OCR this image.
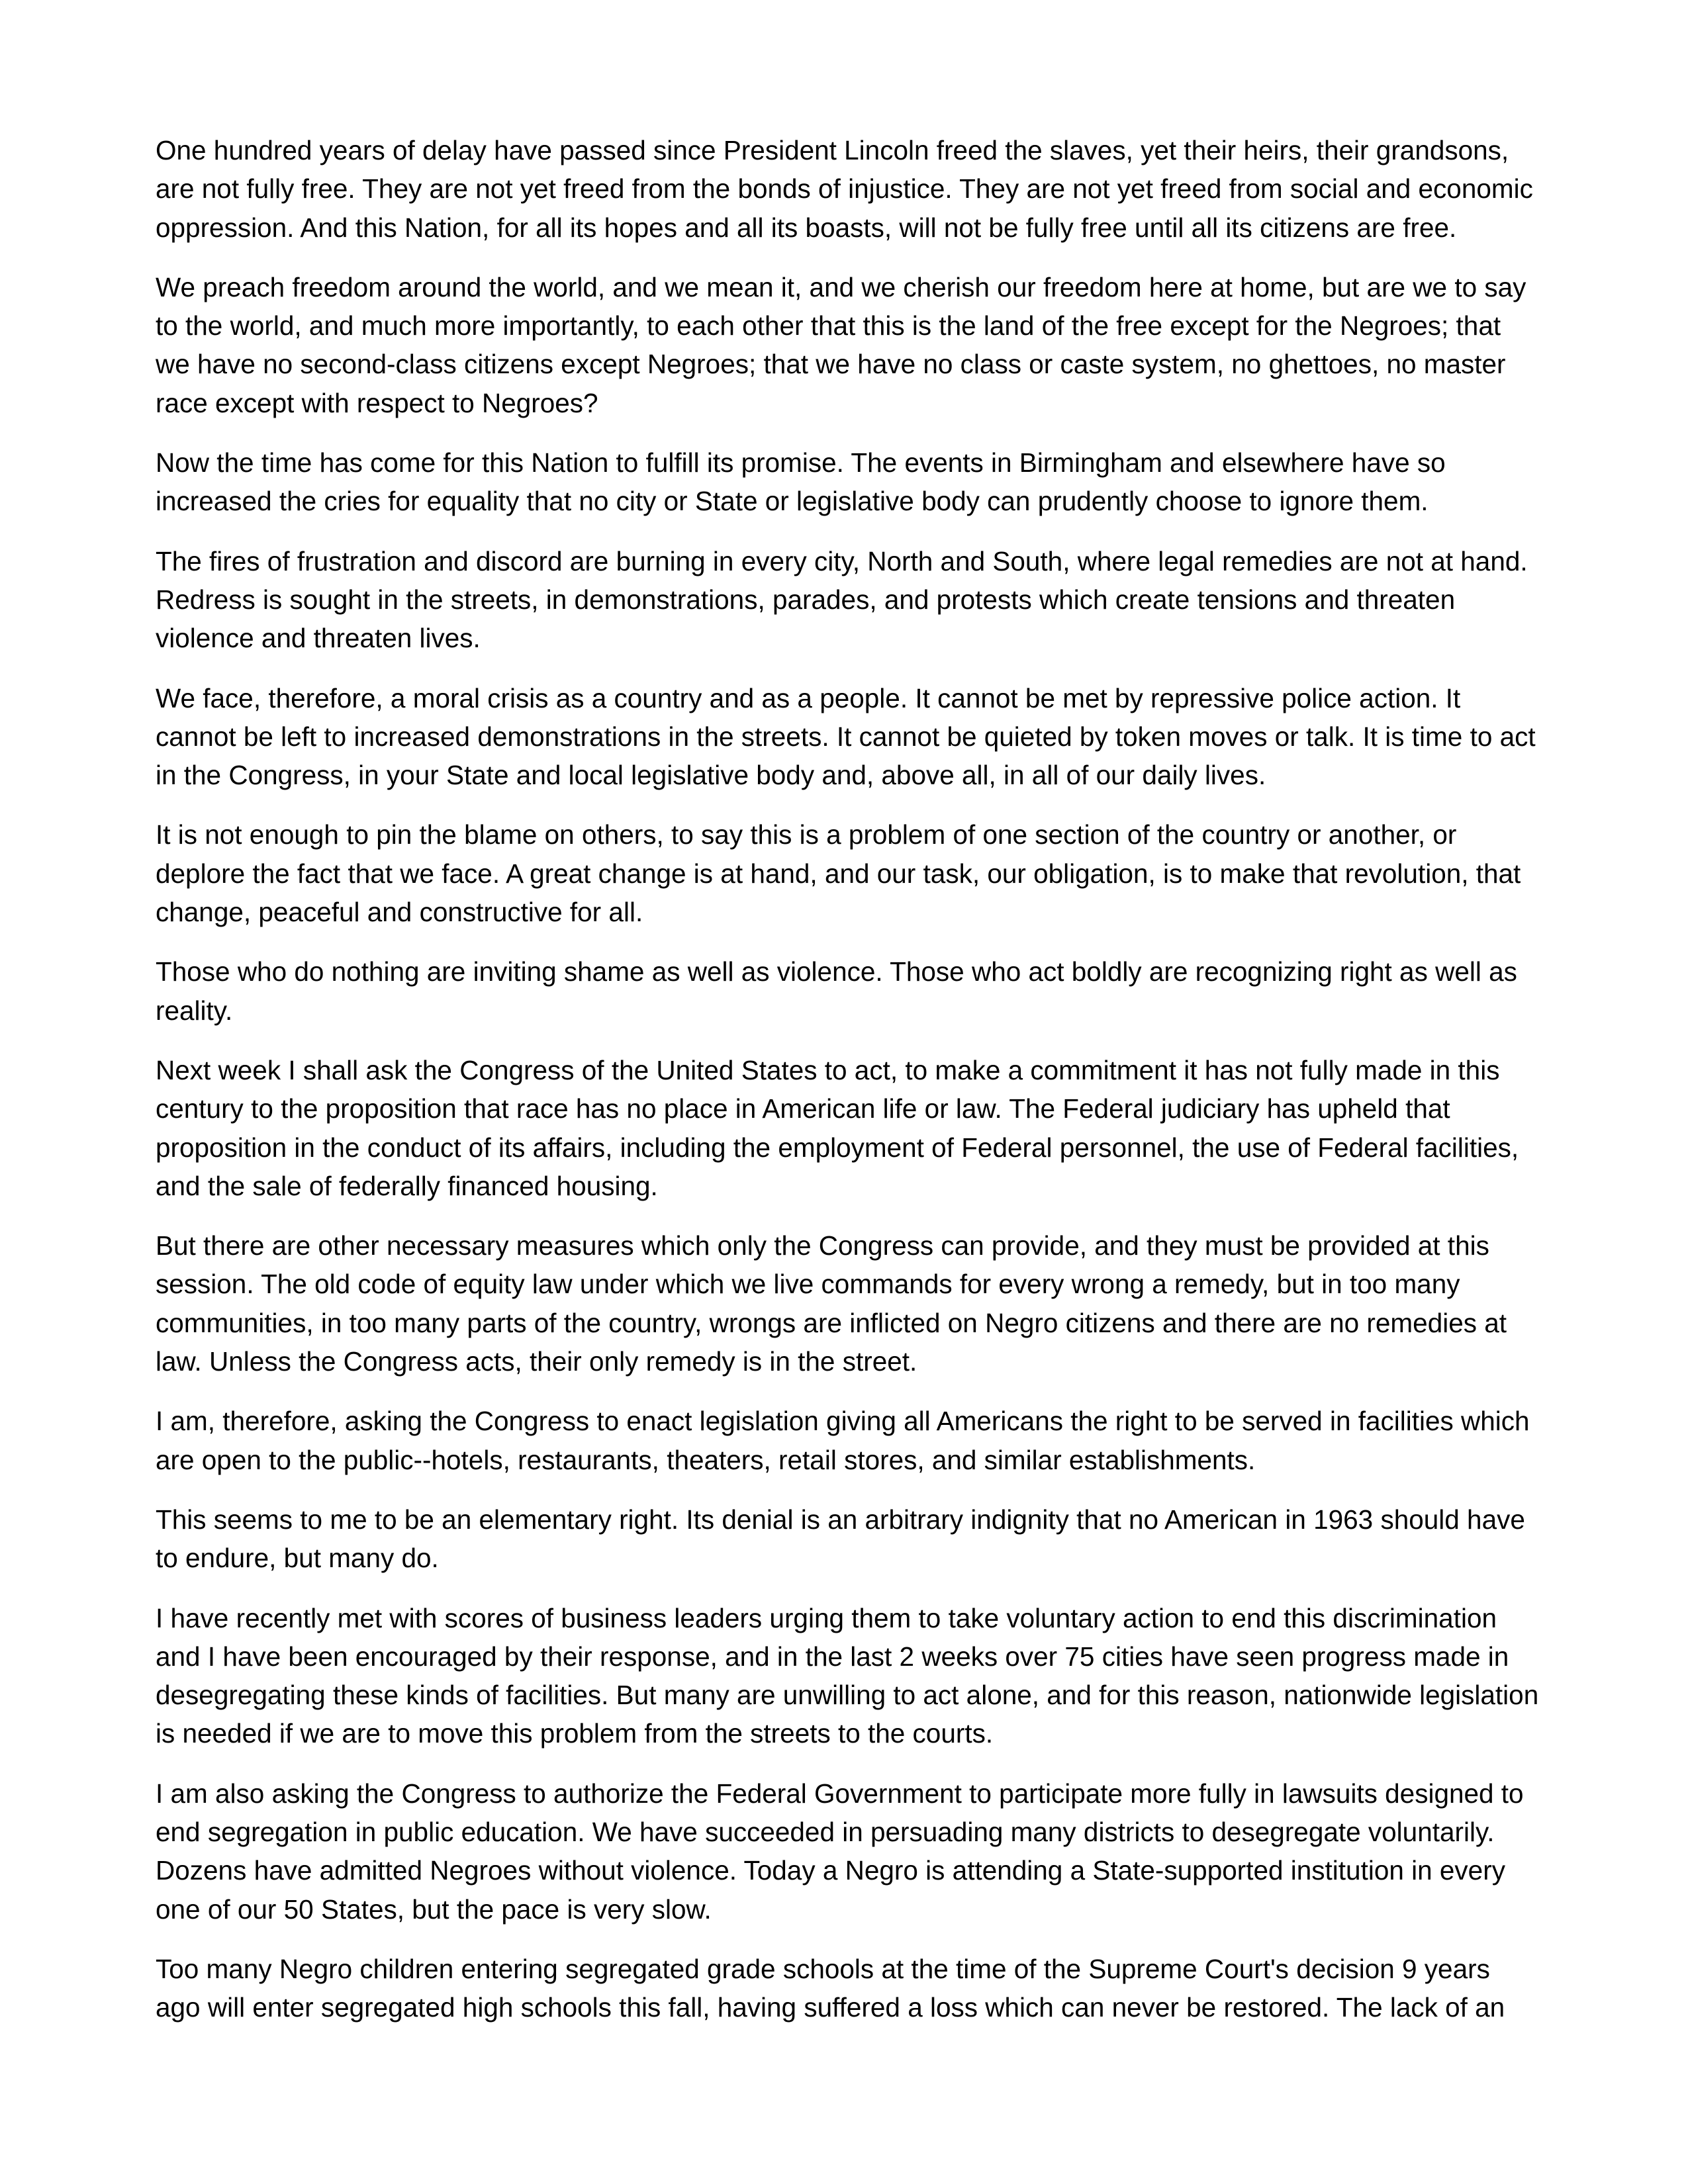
One hundred years of delay have passed since President Lincoln freed the slaves, yet their heirs, their grandsons, are not fully free. They are not yet freed from the bonds of injustice. They are not yet freed from social and economic oppression. And this Nation, for all its hopes and all its boasts, will not be fully free until all its citizens are free.

We preach freedom around the world, and we mean it, and we cherish our freedom here at home, but are we to say to the world, and much more importantly, to each other that this is the land of the free except for the Negroes; that we have no second-class citizens except Negroes; that we have no class or caste system, no ghettoes, no master race except with respect to Negroes?

Now the time has come for this Nation to fulfill its promise. The events in Birmingham and elsewhere have so increased the cries for equality that no city or State or legislative body can prudently choose to ignore them.

The fires of frustration and discord are burning in every city, North and South, where legal remedies are not at hand. Redress is sought in the streets, in demonstrations, parades, and protests which create tensions and threaten violence and threaten lives.

We face, therefore, a moral crisis as a country and as a people. It cannot be met by repressive police action. It cannot be left to increased demonstrations in the streets. It cannot be quieted by token moves or talk. It is time to act in the Congress, in your State and local legislative body and, above all, in all of our daily lives.

It is not enough to pin the blame on others, to say this is a problem of one section of the country or another, or deplore the fact that we face. A great change is at hand, and our task, our obligation, is to make that revolution, that change, peaceful and constructive for all.

Those who do nothing are inviting shame as well as violence. Those who act boldly are recognizing right as well as reality.

Next week I shall ask the Congress of the United States to act, to make a commitment it has not fully made in this century to the proposition that race has no place in American life or law. The Federal judiciary has upheld that proposition in the conduct of its affairs, including the employment of Federal personnel, the use of Federal facilities, and the sale of federally financed housing.

But there are other necessary measures which only the Congress can provide, and they must be provided at this session. The old code of equity law under which we live commands for every wrong a remedy, but in too many communities, in too many parts of the country, wrongs are inflicted on Negro citizens and there are no remedies at law. Unless the Congress acts, their only remedy is in the street.

I am, therefore, asking the Congress to enact legislation giving all Americans the right to be served in facilities which are open to the public--hotels, restaurants, theaters, retail stores, and similar establishments.

This seems to me to be an elementary right. Its denial is an arbitrary indignity that no American in 1963 should have to endure, but many do.

I have recently met with scores of business leaders urging them to take voluntary action to end this discrimination and I have been encouraged by their response, and in the last 2 weeks over 75 cities have seen progress made in desegregating these kinds of facilities. But many are unwilling to act alone, and for this reason, nationwide legislation is needed if we are to move this problem from the streets to the courts.

I am also asking the Congress to authorize the Federal Government to participate more fully in lawsuits designed to end segregation in public education. We have succeeded in persuading many districts to desegregate voluntarily. Dozens have admitted Negroes without violence. Today a Negro is attending a State-supported institution in every one of our 50 States, but the pace is very slow.

Too many Negro children entering segregated grade schools at the time of the Supreme Court's decision 9 years ago will enter segregated high schools this fall, having suffered a loss which can never be restored. The lack of an
